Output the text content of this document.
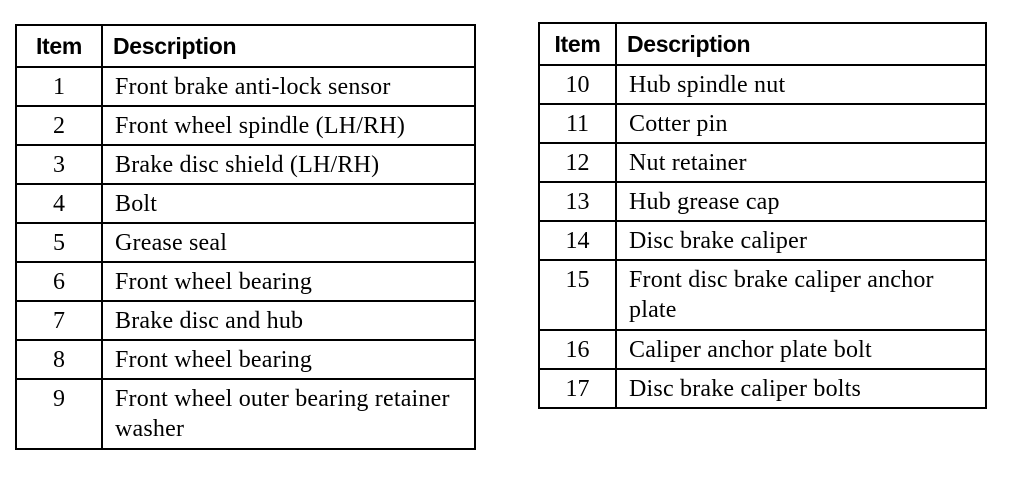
Item	Description
1	Front brake anti-lock sensor
2	Front wheel spindle (LH/RH)
3	Brake disc shield (LH/RH)
4	Bolt
5	Grease seal
6	Front wheel bearing
7	Brake disc and hub
8	Front wheel bearing
9	Front wheel outer bearing retainer washer
Item	Description
10	Hub spindle nut
11	Cotter pin
12	Nut retainer
13	Hub grease cap
14	Disc brake caliper
15	Front disc brake caliper anchor plate
16	Caliper anchor plate bolt
17	Disc brake caliper bolts
